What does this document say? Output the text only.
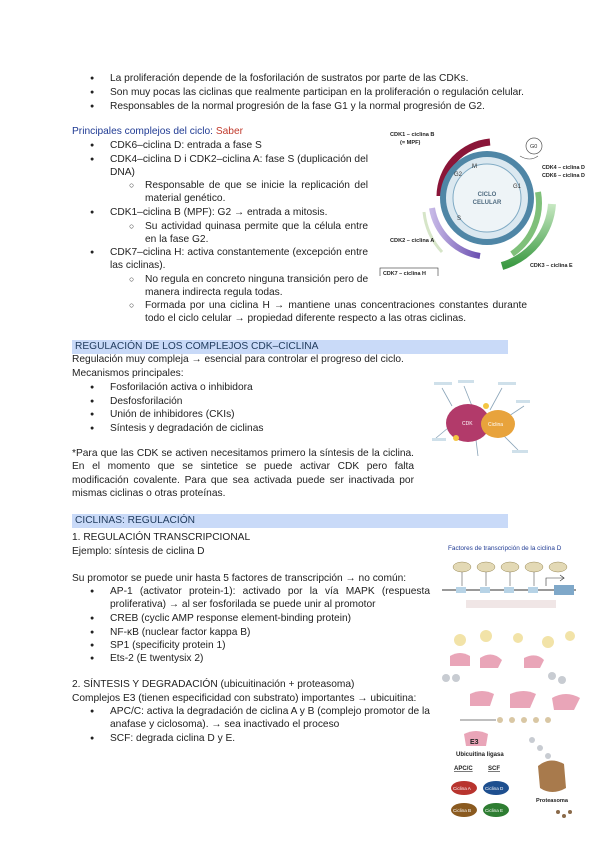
● La proliferación depende de la fosforilación de sustratos por parte de las CDKs.
● Son muy pocas las ciclinas que realmente participan en la proliferación o regulación celular.
● Responsables de la normal progresión de la fase G1 y la normal progresión de G2.
Principales complejos del ciclo: Saber
● CDK6–ciclina D: entrada a fase S
● CDK4–ciclina D i CDK2–ciclina A: fase S (duplicación del DNA)
○ Responsable de que se inicie la replicación del material genético.
● CDK1–ciclina B (MPF): G2 → entrada a mitosis.
○ Su actividad quinasa permite que la célula entre en la fase G2.
● CDK7–ciclina H: activa constantemente (excepción entre las ciclinas).
○ No regula en concreto ninguna transición pero de manera indirecta regula todas.
○ Formada por una ciclina H → mantiene unas concentraciones constantes durante todo el ciclo celular → propiedad diferente respecto a las otras ciclinas.
CICLO
CELULAR
M
G2
G1
S
G0
CDK1 – ciclina B
(= MPF)
CDK4 – ciclina D
CDK6 – ciclina D
CDK2 – ciclina A
CDK7 – ciclina H
CDK3 – ciclina E
REGULACIÓN DE LOS COMPLEJOS CDK–CICLINA
Regulación muy compleja → esencial para controlar el progreso del ciclo.
Mecanismos principales:
● Fosforilación activa o inhibidora
● Desfosforilación
● Unión de inhibidores (CKIs)
● Síntesis y degradación de ciclinas
*Para que las CDK se activen necesitamos primero la síntesis de la ciclina. En el momento que se sintetice se puede activar CDK pero falta modificación covalente. Para que sea activada puede ser inactivada por mismas ciclinas o otras proteínas.
CDK	Ciclina
CICLINAS: REGULACIÓN
1. REGULACIÓN TRANSCRIPCIONAL
Ejemplo: síntesis de ciclina D
Su promotor se puede unir hasta 5 factores de transcripción → no común:
● AP-1 (activator protein-1): activado por la vía MAPK (respuesta proliferativa) → al ser fosforilada se puede unir al promotor
● CREB (cyclic AMP response element-binding protein)
● NF-κB (nuclear factor kappa B)
● SP1 (specificity protein 1)
● Ets-2 (E twentysix 2)
Factores de transcripción de la ciclina D
2. SÍNTESIS Y DEGRADACIÓN (ubicuitinación + proteasoma)
Complejos E3 (tienen especificidad con substrato) importantes → ubicuitina:
● APC/C: activa la degradación de ciclina A y B (complejo promotor de la anafase y ciclosoma). → sea inactivado el proceso
● SCF: degrada ciclina D y E.	E3
Ubicuitina ligasa
APC/C	SCF
Ciclina A	Ciclina D
Ciclina B	Ciclina E
Proteasoma
